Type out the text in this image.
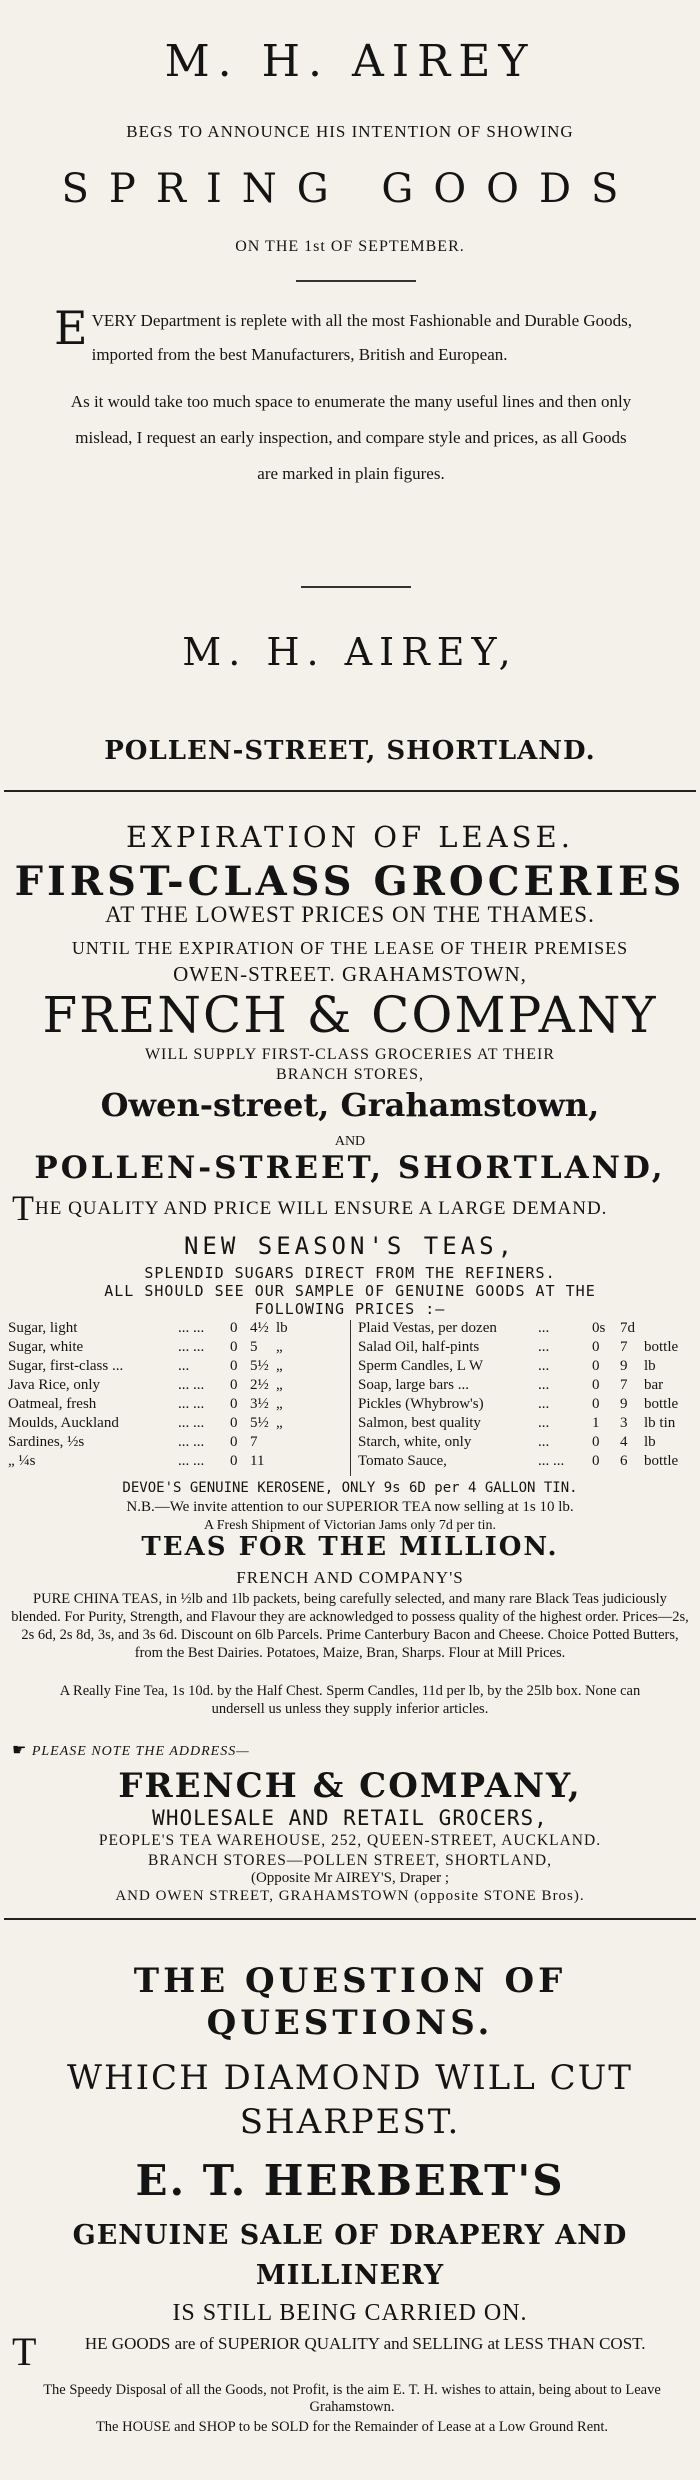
M. H. AIREY
BEGS TO ANNOUNCE HIS INTENTION OF SHOWING
SPRING GOODS
ON THE 1st OF SEPTEMBER.
EVERY Department is replete with all the most Fashionable and Durable Goods, imported from the best Manufacturers, British and European.
As it would take too much space to enumerate the many useful lines and then only mislead, I request an early inspection, and compare style and prices, as all Goods are marked in plain figures.
M. H. AIREY,
POLLEN-STREET, SHORTLAND.
EXPIRATION OF LEASE.
FIRST-CLASS GROCERIES
AT THE LOWEST PRICES ON THE THAMES.
UNTIL THE EXPIRATION OF THE LEASE OF THEIR PREMISES
OWEN-STREET. GRAHAMSTOWN,
FRENCH & COMPANY
WILL SUPPLY FIRST-CLASS GROCERIES AT THEIR
BRANCH STORES,
Owen-street, Grahamstown,
AND
POLLEN-STREET, SHORTLAND,
THE QUALITY AND PRICE WILL ENSURE A LARGE DEMAND.
NEW SEASON'S TEAS,
SPLENDID SUGARS DIRECT FROM THE REFINERS.
ALL SHOULD SEE OUR SAMPLE OF GENUINE GOODS AT THE
FOLLOWING PRICES :—
Sugar, light	... ... 0 4½ lb
Sugar, white	... ... 0 5 „
Sugar, first-class ...	...	0 5½ „
Java Rice, only	... ... 0 2½ „
Oatmeal, fresh	... ... 0 3½ „
Moulds, Auckland	... ... 0 5½ „
Sardines, ½s	... ... 0 7
„ ¼s	... ... 0 11
Plaid Vestas, per dozen	...	0s 7d
Salad Oil, half-pints	...	0 7 bottle
Sperm Candles, L W	...	0 9 lb
Soap, large bars ...	...	0 7 bar
Pickles (Whybrow's)	...	0 9 bottle
Salmon, best quality	...	1 3 lb tin
Starch, white, only	...	0 4 lb
Tomato Sauce,	... ... 0 6 bottle
DEVOE'S GENUINE KEROSENE, ONLY 9s 6D per 4 GALLON TIN.
N.B.—We invite attention to our SUPERIOR TEA now selling at 1s 10 lb.
A Fresh Shipment of Victorian Jams only 7d per tin.
TEAS FOR THE MILLION.
FRENCH AND COMPANY'S
PURE CHINA TEAS, in ½lb and 1lb packets, being carefully selected, and many rare Black Teas judiciously blended. For Purity, Strength, and Flavour they are acknowledged to possess quality of the highest order. Prices—2s, 2s 6d, 2s 8d, 3s, and 3s 6d. Discount on 6lb Parcels. Prime Canterbury Bacon and Cheese. Choice Potted Butters, from the Best Dairies. Potatoes, Maize, Bran, Sharps. Flour at Mill Prices.
A Really Fine Tea, 1s 10d. by the Half Chest. Sperm Candles, 11d per lb, by the 25lb box. None can undersell us unless they supply inferior articles.
☛ PLEASE NOTE THE ADDRESS—
FRENCH & COMPANY,
WHOLESALE AND RETAIL GROCERS,
PEOPLE'S TEA WAREHOUSE, 252, QUEEN-STREET, AUCKLAND.
BRANCH STORES—POLLEN STREET, SHORTLAND,
(Opposite Mr AIREY'S, Draper ;
AND OWEN STREET, GRAHAMSTOWN (opposite STONE Bros).
THE QUESTION OF QUESTIONS.
WHICH DIAMOND WILL CUT SHARPEST.
E. T. HERBERT'S
GENUINE SALE OF DRAPERY AND MILLINERY
IS STILL BEING CARRIED ON.
T	HE GOODS are of SUPERIOR QUALITY and SELLING at LESS THAN COST.
The Speedy Disposal of all the Goods, not Profit, is the aim E. T. H. wishes to attain, being about to Leave Grahamstown.
The HOUSE and SHOP to be SOLD for the Remainder of Lease at a Low Ground Rent.
